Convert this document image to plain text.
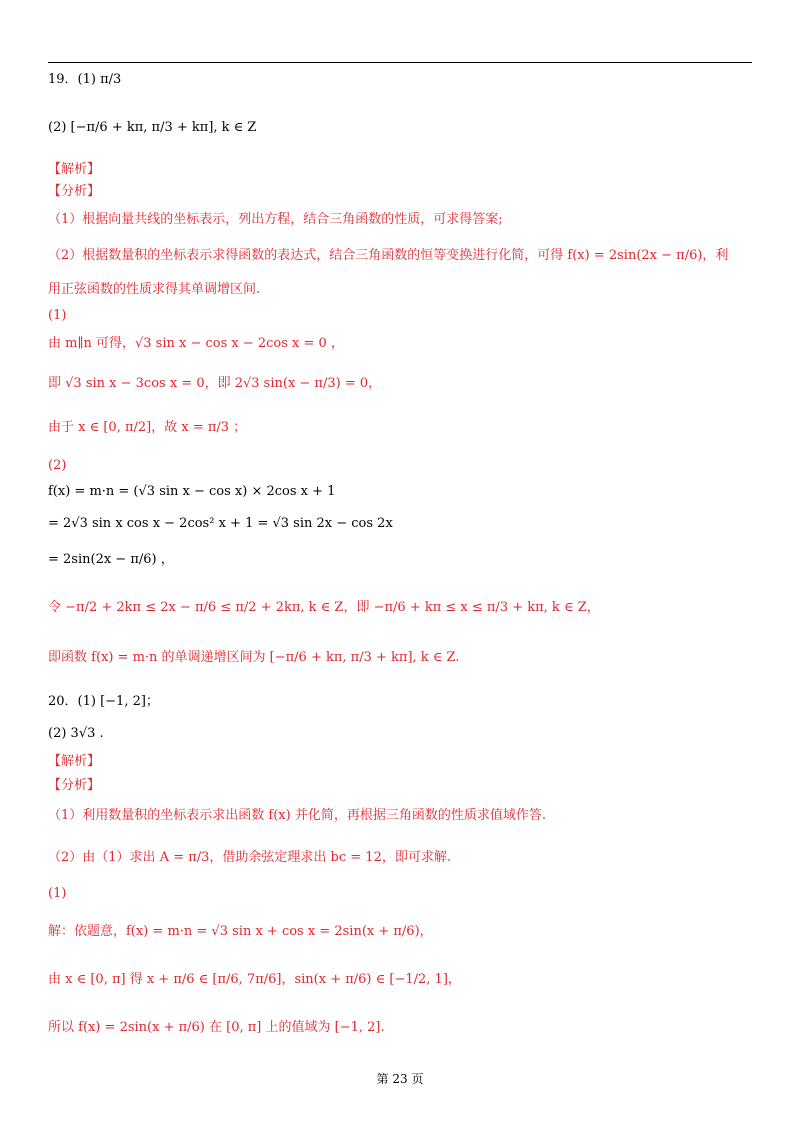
19．(1) π/3
(2) [−π/6 + kπ, π/3 + kπ], k ∈ Z
【解析】
【分析】
（1）根据向量共线的坐标表示，列出方程，结合三角函数的性质，可求得答案;
（2）根据数量积的坐标表示求得函数的表达式，结合三角函数的恒等变换进行化简，可得 f(x) = 2sin(2x − π/6)，利
用正弦函数的性质求得其单调增区间.
(1)
由 m∥n 可得，√3 sin x − cos x − 2cos x = 0 ，
即 √3 sin x − 3cos x = 0，即 2√3 sin(x − π/3) = 0，
由于 x ∈ [0, π/2]，故 x = π/3 ；
(2)
f(x) = m·n = (√3 sin x − cos x) × 2cos x + 1
= 2√3 sin x cos x − 2cos² x + 1 = √3 sin 2x − cos 2x
= 2sin(2x − π/6) ，
令 −π/2 + 2kπ ≤ 2x − π/6 ≤ π/2 + 2kπ, k ∈ Z，即 −π/6 + kπ ≤ x ≤ π/3 + kπ, k ∈ Z，
即函数 f(x) = m·n 的单调递增区间为 [−π/6 + kπ, π/3 + kπ], k ∈ Z.
20．(1) [−1, 2]；
(2) 3√3 .
【解析】
【分析】
（1）利用数量积的坐标表示求出函数 f(x) 并化简，再根据三角函数的性质求值域作答.
（2）由（1）求出 A = π/3，借助余弦定理求出 bc = 12，即可求解.
(1)
解：依题意，f(x) = m·n = √3 sin x + cos x = 2sin(x + π/6)，
由 x ∈ [0, π] 得 x + π/6 ∈ [π/6, 7π/6]，sin(x + π/6) ∈ [−1/2, 1]，
所以 f(x) = 2sin(x + π/6) 在 [0, π] 上的值域为 [−1, 2].
第 23 页
